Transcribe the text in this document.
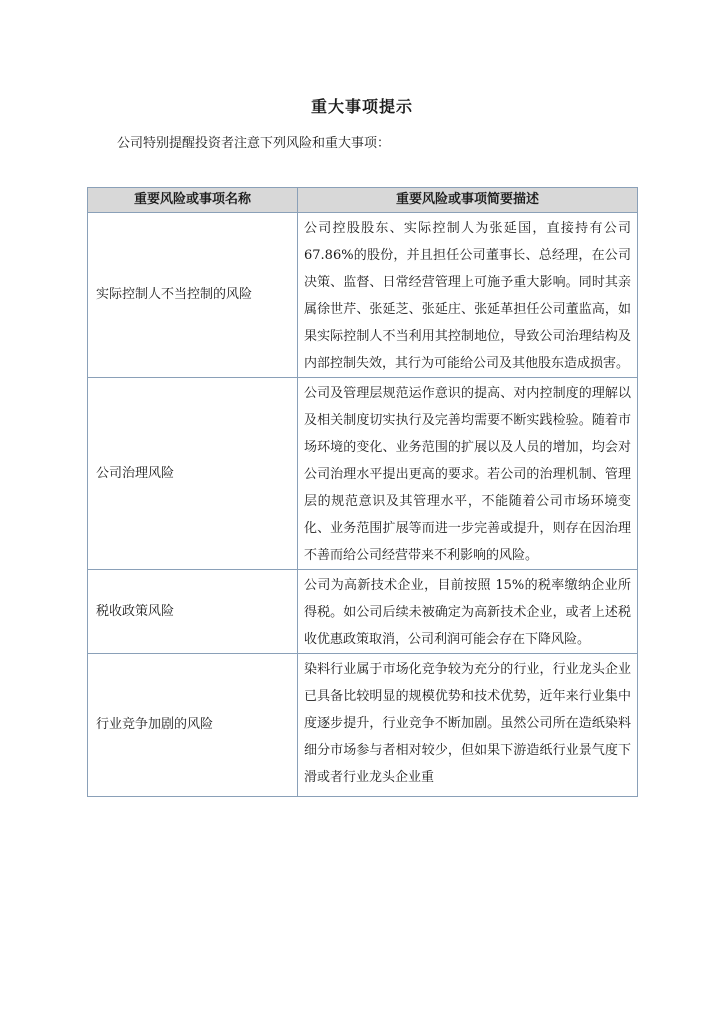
重大事项提示
公司特别提醒投资者注意下列风险和重大事项：
重要风险或事项名称	重要风险或事项简要描述
实际控制人不当控制的风险	公司控股股东、实际控制人为张延国，直接持有公司 67.86%的股份，并且担任公司董事长、总经理，在公司决策、监督、日常经营管理上可施予重大影响。同时其亲属徐世芹、张延芝、张延庄、张延革担任公司董监高，如果实际控制人不当利用其控制地位，导致公司治理结构及内部控制失效，其行为可能给公司及其他股东造成损害。
公司治理风险	公司及管理层规范运作意识的提高、对内控制度的理解以及相关制度切实执行及完善均需要不断实践检验。随着市场环境的变化、业务范围的扩展以及人员的增加，均会对公司治理水平提出更高的要求。若公司的治理机制、管理层的规范意识及其管理水平，不能随着公司市场环境变化、业务范围扩展等而进一步完善或提升，则存在因治理不善而给公司经营带来不利影响的风险。
税收政策风险	公司为高新技术企业，目前按照 15%的税率缴纳企业所得税。如公司后续未被确定为高新技术企业，或者上述税收优惠政策取消，公司利润可能会存在下降风险。
行业竞争加剧的风险	染料行业属于市场化竞争较为充分的行业，行业龙头企业已具备比较明显的规模优势和技术优势，近年来行业集中度逐步提升，行业竞争不断加剧。虽然公司所在造纸染料细分市场参与者相对较少，但如果下游造纸行业景气度下滑或者行业龙头企业重
